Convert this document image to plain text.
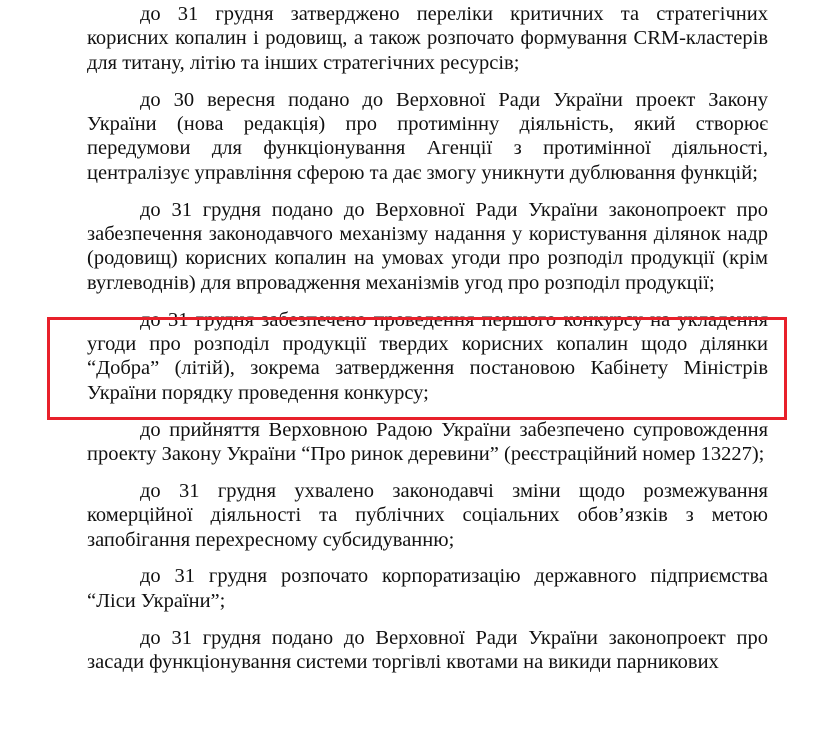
до 31 грудня затверджено переліки критичних та стратегічних корисних копалин і родовищ, а також розпочато формування CRM-кластерів для титану, літію та інших стратегічних ресурсів;

до 30 вересня подано до Верховної Ради України проект Закону України (нова редакція) про протимінну діяльність, який створює передумови для функціонування Агенції з протимінної діяльності, централізує управління сферою та дає змогу уникнути дублювання функцій;

до 31 грудня подано до Верховної Ради України законопроект про забезпечення законодавчого механізму надання у користування ділянок надр (родовищ) корисних копалин на умовах угоди про розподіл продукції (крім вуглеводнів) для впровадження механізмів угод про розподіл продукції;

до 31 грудня забезпечено проведення першого конкурсу на укладення угоди про розподіл продукції твердих корисних копалин щодо ділянки “Добра” (літій), зокрема затвердження постановою Кабінету Міністрів України порядку проведення конкурсу;

до прийняття Верховною Радою України забезпечено супровождення проекту Закону України “Про ринок деревини” (реєстраційний номер 13227);

до 31 грудня ухвалено законодавчі зміни щодо розмежування комерційної діяльності та публічних соціальних обов’язків з метою запобігання перехресному субсидуванню;

до 31 грудня розпочато корпоратизацію державного підприємства “Ліси України”;

до 31 грудня подано до Верховної Ради України законопроект про засади функціонування системи торгівлі квотами на викиди парникових
